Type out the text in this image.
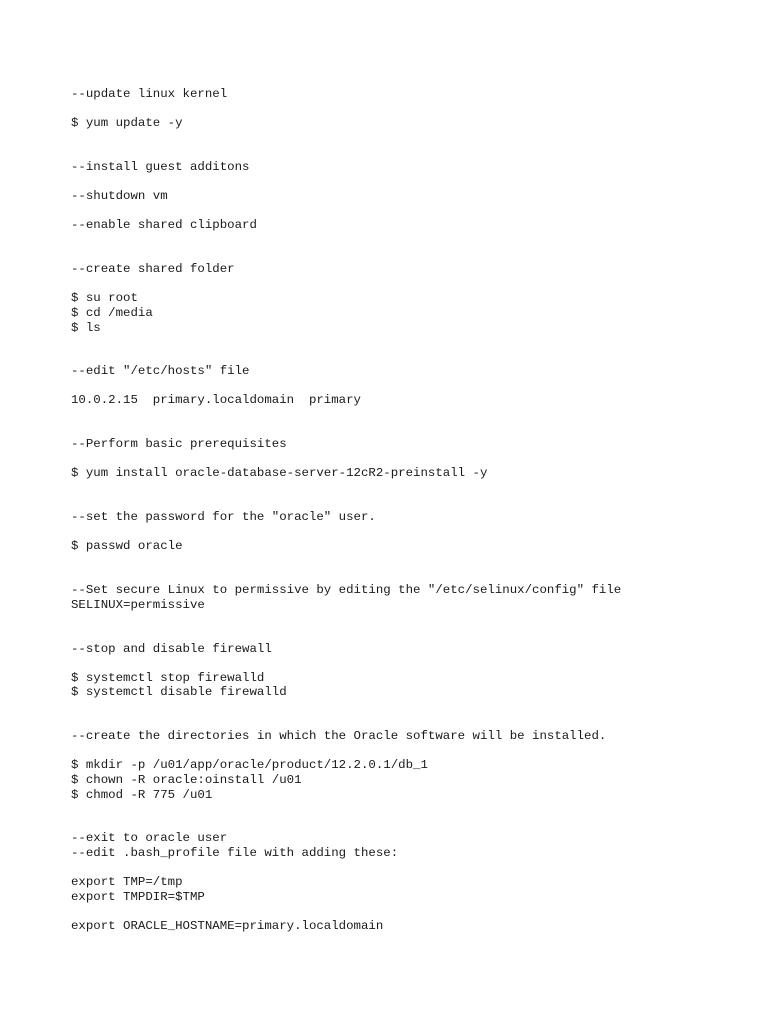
--update linux kernel
$ yum update -y
--install guest additons
--shutdown vm
--enable shared clipboard
--create shared folder
$ su root
$ cd /media
$ ls
--edit "/etc/hosts" file
10.0.2.15  primary.localdomain  primary
--Perform basic prerequisites
$ yum install oracle-database-server-12cR2-preinstall -y
--set the password for the "oracle" user.
$ passwd oracle
--Set secure Linux to permissive by editing the "/etc/selinux/config" file
SELINUX=permissive
--stop and disable firewall
$ systemctl stop firewalld
$ systemctl disable firewalld
--create the directories in which the Oracle software will be installed.
$ mkdir -p /u01/app/oracle/product/12.2.0.1/db_1
$ chown -R oracle:oinstall /u01
$ chmod -R 775 /u01
--exit to oracle user
--edit .bash_profile file with adding these:
export TMP=/tmp
export TMPDIR=$TMP
export ORACLE_HOSTNAME=primary.localdomain
